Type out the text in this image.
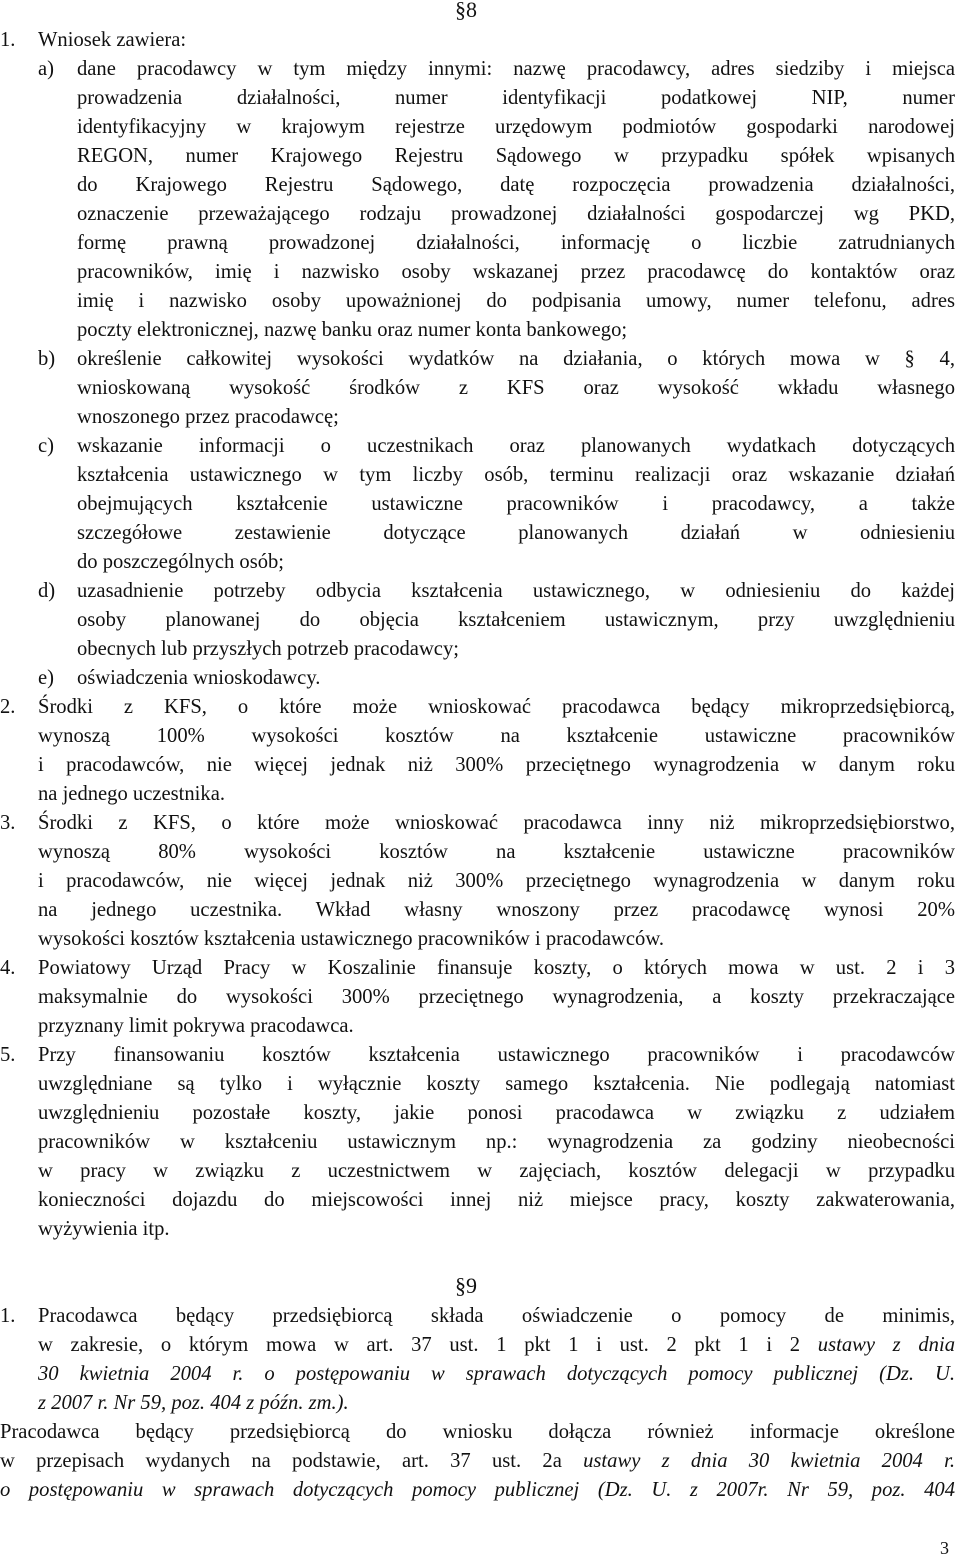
§8
1. Wniosek zawiera:
a) dane pracodawcy w tym między innymi: nazwę pracodawcy, adres siedziby i miejsca
prowadzenia działalności, numer identyfikacji podatkowej NIP, numer
identyfikacyjny w krajowym rejestrze urzędowym podmiotów gospodarki narodowej
REGON, numer Krajowego Rejestru Sądowego w przypadku spółek wpisanych
do Krajowego Rejestru Sądowego, datę rozpoczęcia prowadzenia działalności,
oznaczenie przeważającego rodzaju prowadzonej działalności gospodarczej wg PKD,
formę prawną prowadzonej działalności, informację o liczbie zatrudnianych
pracowników, imię i nazwisko osoby wskazanej przez pracodawcę do kontaktów oraz
imię i nazwisko osoby upoważnionej do podpisania umowy, numer telefonu, adres
poczty elektronicznej, nazwę banku oraz numer konta bankowego;
b) określenie całkowitej wysokości wydatków na działania, o których mowa w § 4,
wnioskowaną wysokość środków z KFS oraz wysokość wkładu własnego
wnoszonego przez pracodawcę;
c) wskazanie informacji o uczestnikach oraz planowanych wydatkach dotyczących
kształcenia ustawicznego w tym liczby osób, terminu realizacji oraz wskazanie działań
obejmujących kształcenie ustawiczne pracowników i pracodawcy, a także
szczegółowe zestawienie dotyczące planowanych działań w odniesieniu
do poszczególnych osób;
d) uzasadnienie potrzeby odbycia kształcenia ustawicznego, w odniesieniu do każdej
osoby planowanej do objęcia kształceniem ustawicznym, przy uwzględnieniu
obecnych lub przyszłych potrzeb pracodawcy;
e) oświadczenia wnioskodawcy.
2. Środki z KFS, o które może wnioskować pracodawca będący mikroprzedsiębiorcą,
wynoszą 100% wysokości kosztów na kształcenie ustawiczne pracowników
i pracodawców, nie więcej jednak niż 300% przeciętnego wynagrodzenia w danym roku
na jednego uczestnika.
3. Środki z KFS, o które może wnioskować pracodawca inny niż mikroprzedsiębiorstwo,
wynoszą 80% wysokości kosztów na kształcenie ustawiczne pracowników
i pracodawców, nie więcej jednak niż 300% przeciętnego wynagrodzenia w danym roku
na jednego uczestnika. Wkład własny wnoszony przez pracodawcę wynosi 20%
wysokości kosztów kształcenia ustawicznego pracowników i pracodawców.
4. Powiatowy Urząd Pracy w Koszalinie finansuje koszty, o których mowa w ust. 2 i 3
maksymalnie do wysokości 300% przeciętnego wynagrodzenia, a koszty przekraczające
przyznany limit pokrywa pracodawca.
5. Przy finansowaniu kosztów kształcenia ustawicznego pracowników i pracodawców
uwzględniane są tylko i wyłącznie koszty samego kształcenia. Nie podlegają natomiast
uwzględnieniu pozostałe koszty, jakie ponosi pracodawca w związku z udziałem
pracowników w kształceniu ustawicznym np.: wynagrodzenia za godziny nieobecności
w pracy w związku z uczestnictwem w zajęciach, kosztów delegacji w przypadku
konieczności dojazdu do miejscowości innej niż miejsce pracy, koszty zakwaterowania,
wyżywienia itp.
§9
1. Pracodawca będący przedsiębiorcą składa oświadczenie o pomocy de minimis,
w zakresie, o którym mowa w art. 37 ust. 1 pkt 1 i ust. 2 pkt 1 i 2 ustawy z dnia
30 kwietnia 2004 r. o postępowaniu w sprawach dotyczących pomocy publicznej (Dz. U.
z 2007 r. Nr 59, poz. 404 z późn. zm.).
Pracodawca będący przedsiębiorcą do wniosku dołącza również informacje określone
w przepisach wydanych na podstawie, art. 37 ust. 2a ustawy z dnia 30 kwietnia 2004 r.
o postępowaniu w sprawach dotyczących pomocy publicznej (Dz. U. z 2007r. Nr 59, poz. 404
3
